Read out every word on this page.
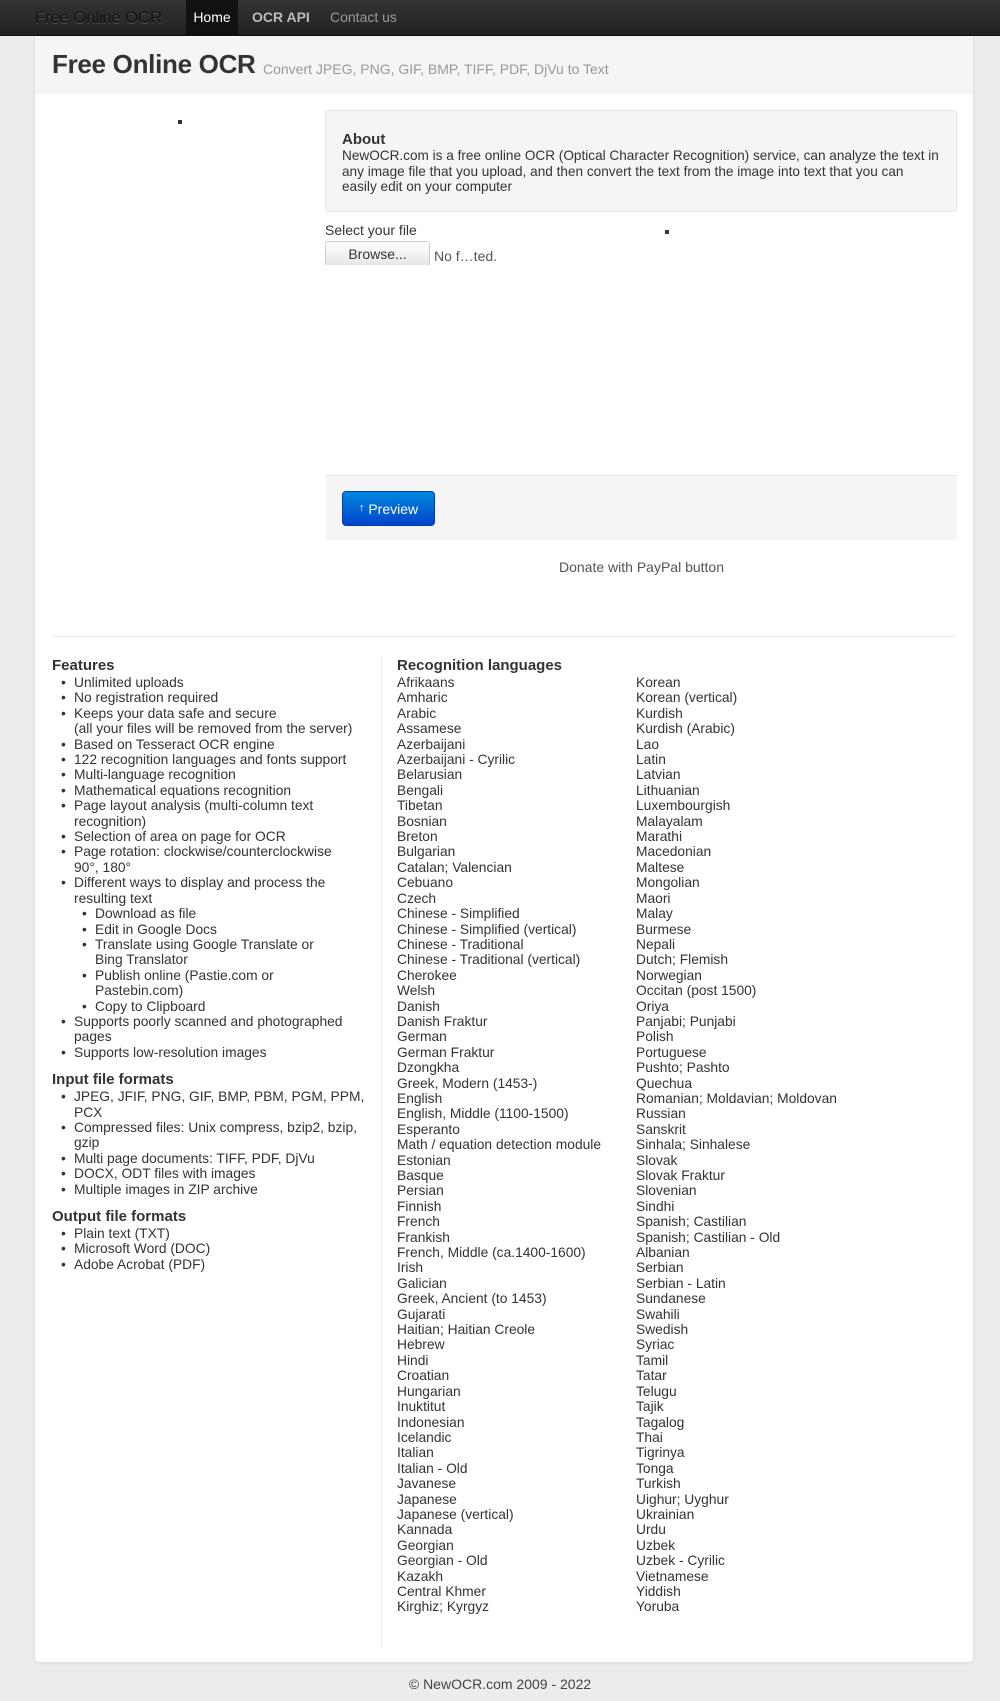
Free Online OCR	Home	OCR API	Contact us
Free Online OCR Convert JPEG, PNG, GIF, BMP, TIFF, PDF, DjVu to Text
About
NewOCR.com is a free online OCR (Optical Character Recognition) service, can analyze the text in any image file that you upload, and then convert the text from the image into text that you can easily edit on your computer
Select your file
Browse...	No f…ted.
↑ Preview
Donate with PayPal button
Features
• Unlimited uploads
• No registration required
• Keeps your data safe and secure
(all your files will be removed from the server)
• Based on Tesseract OCR engine
• 122 recognition languages and fonts support
• Multi-language recognition
• Mathematical equations recognition
• Page layout analysis (multi-column text recognition)
• Selection of area on page for OCR
• Page rotation: clockwise/counterclockwise 90°, 180°
• Different ways to display and process the resulting text
• Download as file
• Edit in Google Docs
• Translate using Google Translate or Bing Translator
• Publish online (Pastie.com or Pastebin.com)
• Copy to Clipboard
• Supports poorly scanned and photographed pages
• Supports low-resolution images
Input file formats
• JPEG, JFIF, PNG, GIF, BMP, PBM, PGM, PPM, PCX
• Compressed files: Unix compress, bzip2, bzip, gzip
• Multi page documents: TIFF, PDF, DjVu
• DOCX, ODT files with images
• Multiple images in ZIP archive
Output file formats
• Plain text (TXT)
• Microsoft Word (DOC)
• Adobe Acrobat (PDF)
Recognition languages
Afrikaans
Amharic
Arabic
Assamese
Azerbaijani
Azerbaijani - Cyrilic
Belarusian
Bengali
Tibetan
Bosnian
Breton
Bulgarian
Catalan; Valencian
Cebuano
Czech
Chinese - Simplified
Chinese - Simplified (vertical)
Chinese - Traditional
Chinese - Traditional (vertical)
Cherokee
Welsh
Danish
Danish Fraktur
German
German Fraktur
Dzongkha
Greek, Modern (1453-)
English
English, Middle (1100-1500)
Esperanto
Math / equation detection module
Estonian
Basque
Persian
Finnish
French
Frankish
French, Middle (ca.1400-1600)
Irish
Galician
Greek, Ancient (to 1453)
Gujarati
Haitian; Haitian Creole
Hebrew
Hindi
Croatian
Hungarian
Inuktitut
Indonesian
Icelandic
Italian
Italian - Old
Javanese
Japanese
Japanese (vertical)
Kannada
Georgian
Georgian - Old
Kazakh
Central Khmer
Kirghiz; Kyrgyz
Korean
Korean (vertical)
Kurdish
Kurdish (Arabic)
Lao
Latin
Latvian
Lithuanian
Luxembourgish
Malayalam
Marathi
Macedonian
Maltese
Mongolian
Maori
Malay
Burmese
Nepali
Dutch; Flemish
Norwegian
Occitan (post 1500)
Oriya
Panjabi; Punjabi
Polish
Portuguese
Pushto; Pashto
Quechua
Romanian; Moldavian; Moldovan
Russian
Sanskrit
Sinhala; Sinhalese
Slovak
Slovak Fraktur
Slovenian
Sindhi
Spanish; Castilian
Spanish; Castilian - Old
Albanian
Serbian
Serbian - Latin
Sundanese
Swahili
Swedish
Syriac
Tamil
Tatar
Telugu
Tajik
Tagalog
Thai
Tigrinya
Tonga
Turkish
Uighur; Uyghur
Ukrainian
Urdu
Uzbek
Uzbek - Cyrilic
Vietnamese
Yiddish
Yoruba
© NewOCR.com 2009 - 2022
